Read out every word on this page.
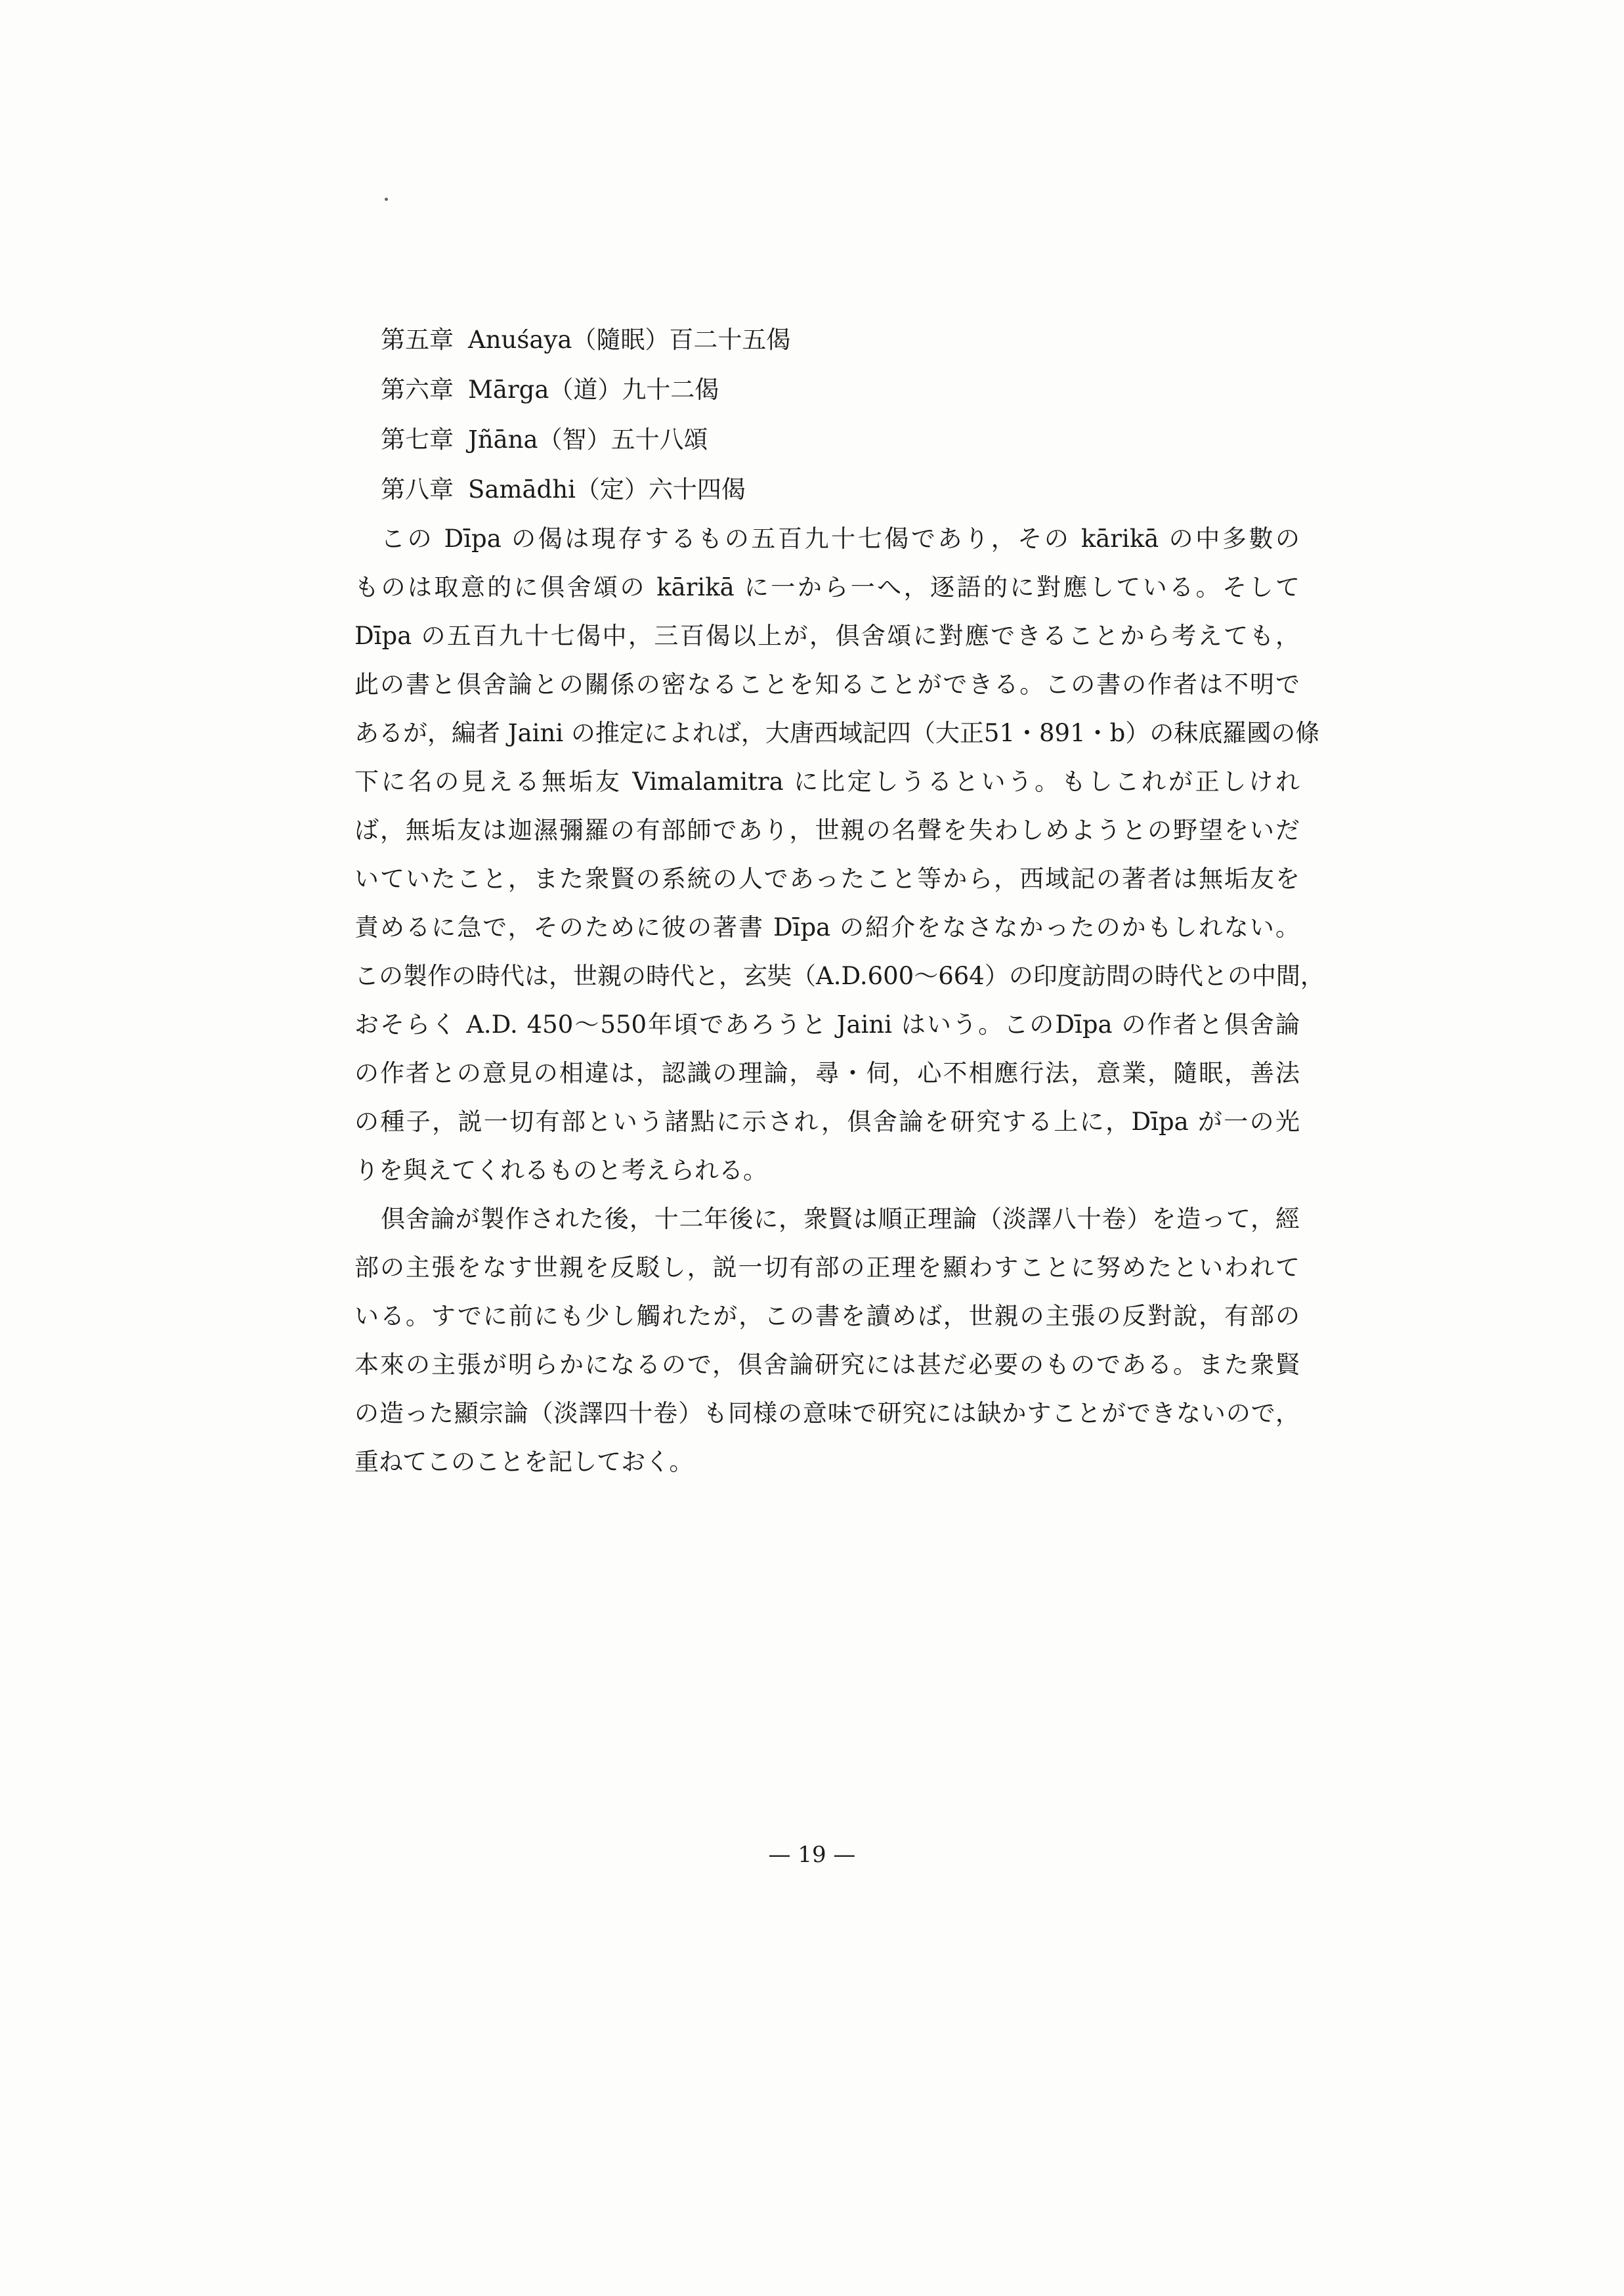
第五章 Anuśaya（隨眠）百二十五偈
第六章 Mārga（道）九十二偈
第七章 Jñāna（智）五十八頌
第八章 Samādhi（定）六十四偈

この Dīpa の偈は現存するもの五百九十七偈であり，その kārikā の中多數の
ものは取意的に倶舍頌の kārikā に一から一へ，逐語的に對應している。そして
Dīpa の五百九十七偈中，三百偈以上が，倶舍頌に對應できることから考えても，
此の書と倶舍論との關係の密なることを知ることができる。この書の作者は不明で
あるが，編者 Jaini の推定によれば，大唐西域記四（大正51・891・b）の秣底羅國の條
下に名の見える無垢友 Vimalamitra に比定しうるという。もしこれが正しけれ
ば，無垢友は迦濕彌羅の有部師であり，世親の名聲を失わしめようとの野望をいだ
いていたこと，また衆賢の系統の人であったこと等から，西域記の著者は無垢友を
責めるに急で，そのために彼の著書 Dīpa の紹介をなさなかったのかもしれない。
この製作の時代は，世親の時代と，玄奘（A.D.600〜664）の印度訪問の時代との中間，
おそらく A.D. 450〜550年頃であろうと Jaini はいう。このDīpa の作者と倶舍論
の作者との意見の相違は，認識の理論，尋・伺，心不相應行法，意業，隨眠，善法
の種子，説一切有部という諸點に示され，倶舍論を研究する上に，Dīpa が一の光
りを與えてくれるものと考えられる。

倶舍論が製作された後，十二年後に，衆賢は順正理論（淡譯八十卷）を造って，經
部の主張をなす世親を反駁し，説一切有部の正理を顯わすことに努めたといわれて
いる。すでに前にも少し觸れたが，この書を讀めば，世親の主張の反對說，有部の
本來の主張が明らかになるので，倶舍論研究には甚だ必要のものである。また衆賢
の造った顯宗論（淡譯四十卷）も同様の意味で研究には缺かすことができないので，
重ねてこのことを記しておく。

— 19 —
